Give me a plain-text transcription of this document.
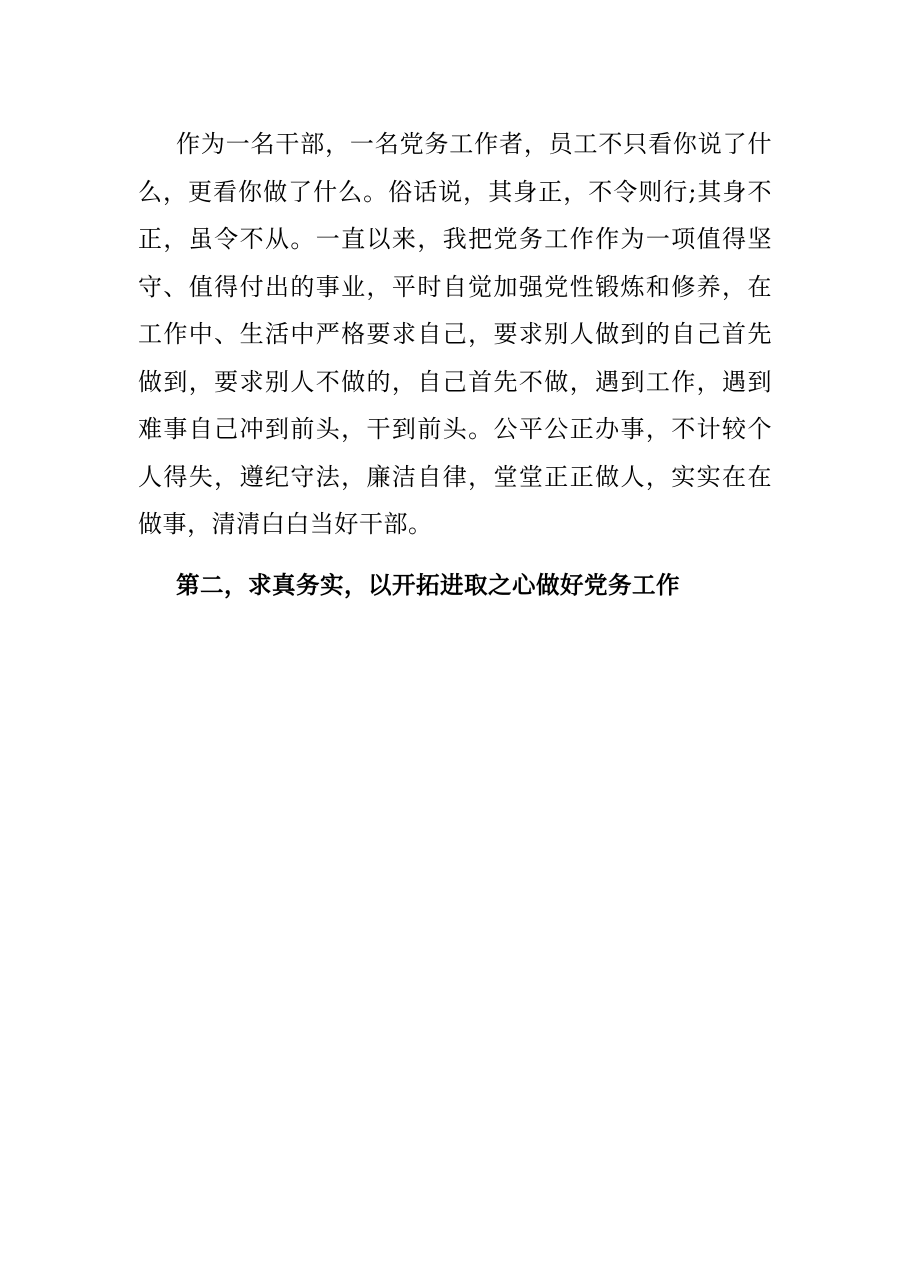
作为一名干部，一名党务工作者，员工不只看你说了什么，更看你做了什么。俗话说，其身正，不令则行;其身不正，虽令不从。一直以来，我把党务工作作为一项值得坚守、值得付出的事业，平时自觉加强党性锻炼和修养，在工作中、生活中严格要求自己，要求别人做到的自己首先做到，要求别人不做的，自己首先不做，遇到工作，遇到难事自己冲到前头，干到前头。公平公正办事，不计较个人得失，遵纪守法，廉洁自律，堂堂正正做人，实实在在做事，清清白白当好干部。

第二，求真务实，以开拓进取之心做好党务工作
